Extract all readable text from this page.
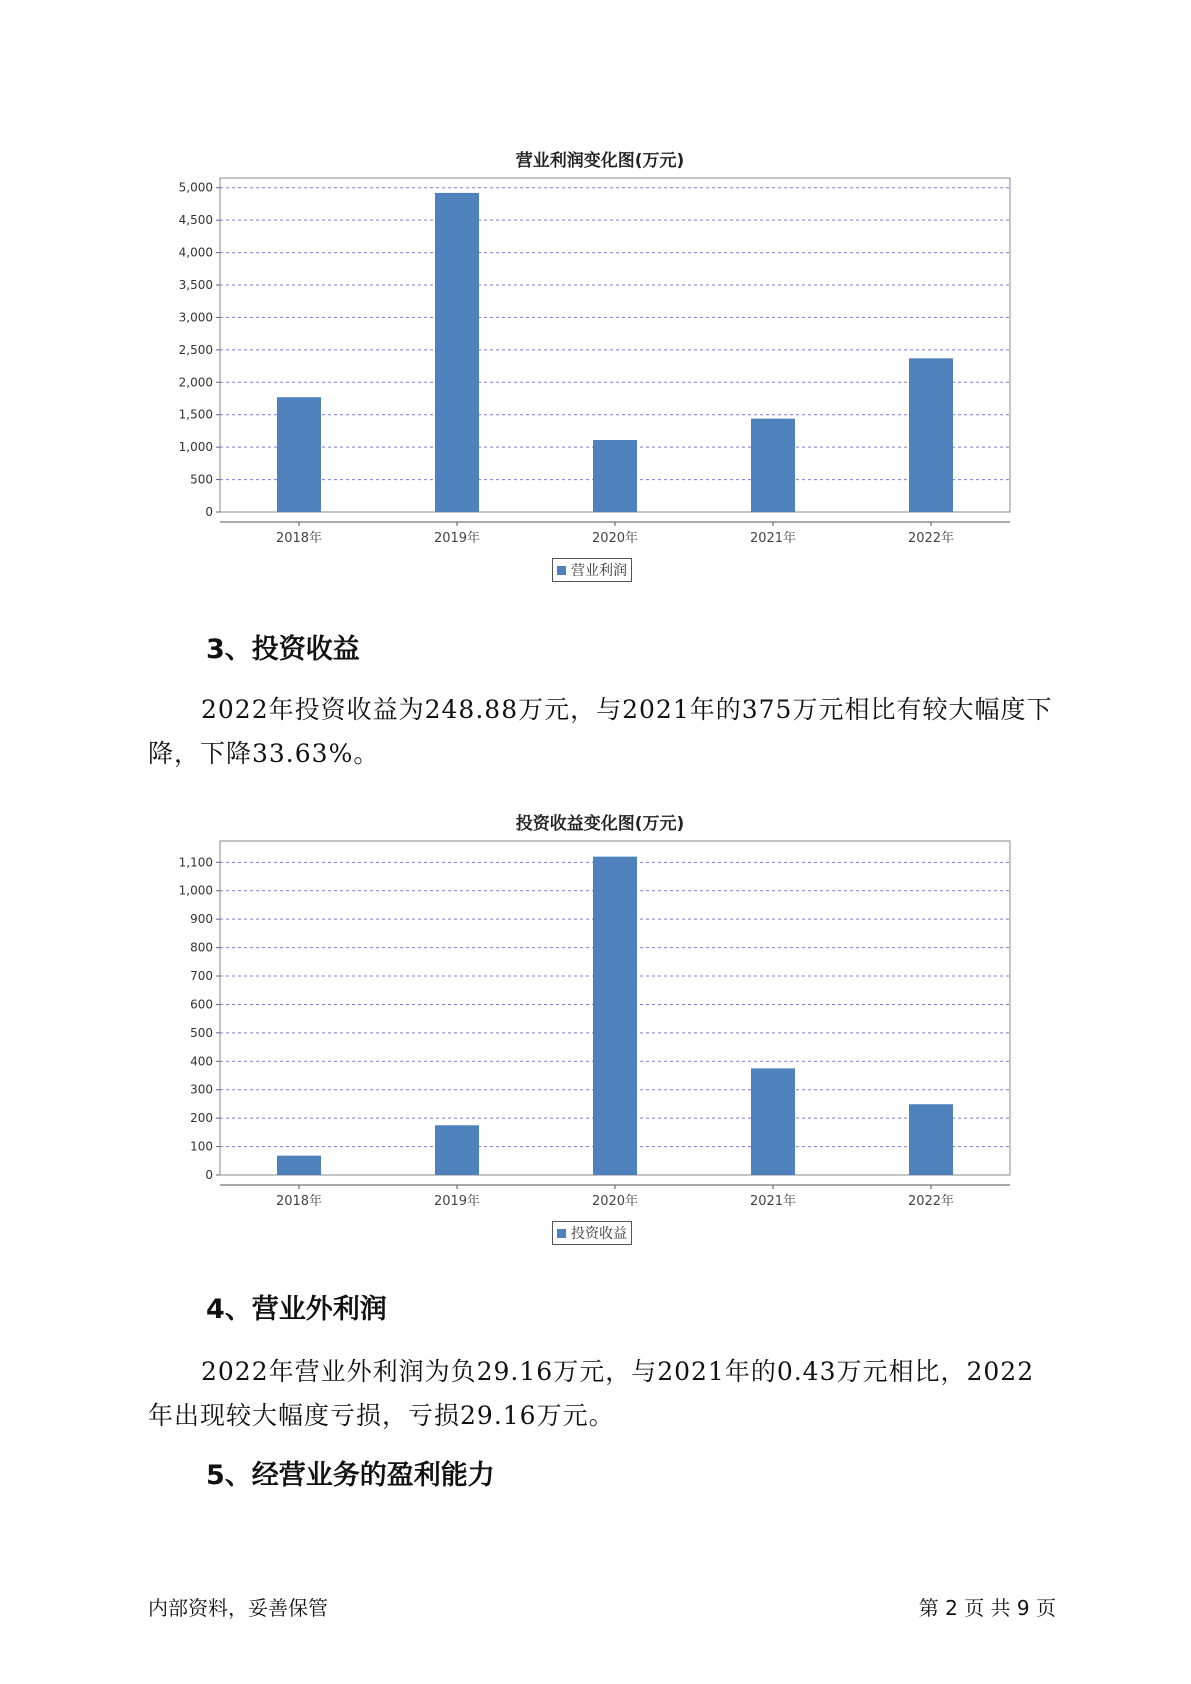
营业利润变化图(万元)
0
500
1,000
1,500
2,000
2,500
3,000
3,500
4,000
4,500
5,000
2018年	2019年	2020年	2021年	2022年
营业利润
3、投资收益
2022年投资收益为248.88万元，与2021年的375万元相比有较大幅度下降，下降33.63%。
投资收益变化图(万元)
0
100
200
300
400
500
600
700
800
900
1,000
1,100
2018年	2019年	2020年	2021年	2022年
投资收益
4、营业外利润
2022年营业外利润为负29.16万元，与2021年的0.43万元相比，2022年出现较大幅度亏损，亏损29.16万元。
5、经营业务的盈利能力
内部资料，妥善保管	第 2 页 共 9 页
